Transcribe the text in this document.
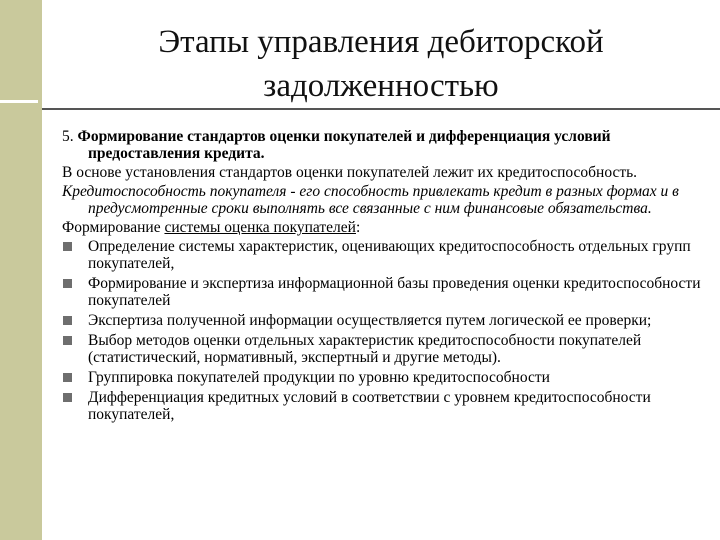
Этапы управления дебиторской
задолженностью

5. Формирование стандартов оценки покупателей и дифференциация условий предоставления кредита.

В основе установления стандартов оценки покупателей лежит их кредитоспособность.

Кредитоспособность покупателя - его способность привлекать кредит в разных формах и в предусмотренные сроки выполнять все связанные с ним финансовые обязательства.

Формирование системы оценка покупателей:

Определение системы характеристик, оценивающих кредитоспособность отдельных групп покупателей,
Формирование и экспертиза информационной базы проведения оценки кредитоспособности покупателей
Экспертиза полученной информации осуществляется путем логической ее проверки;
Выбор методов оценки отдельных характеристик кредитоспособности покупателей (статистический, нормативный, экспертный и другие методы).
Группировка покупателей продукции по уровню кредитоспособности
Дифференциация кредитных условий в соответствии с уровнем кредитоспособности покупателей,
